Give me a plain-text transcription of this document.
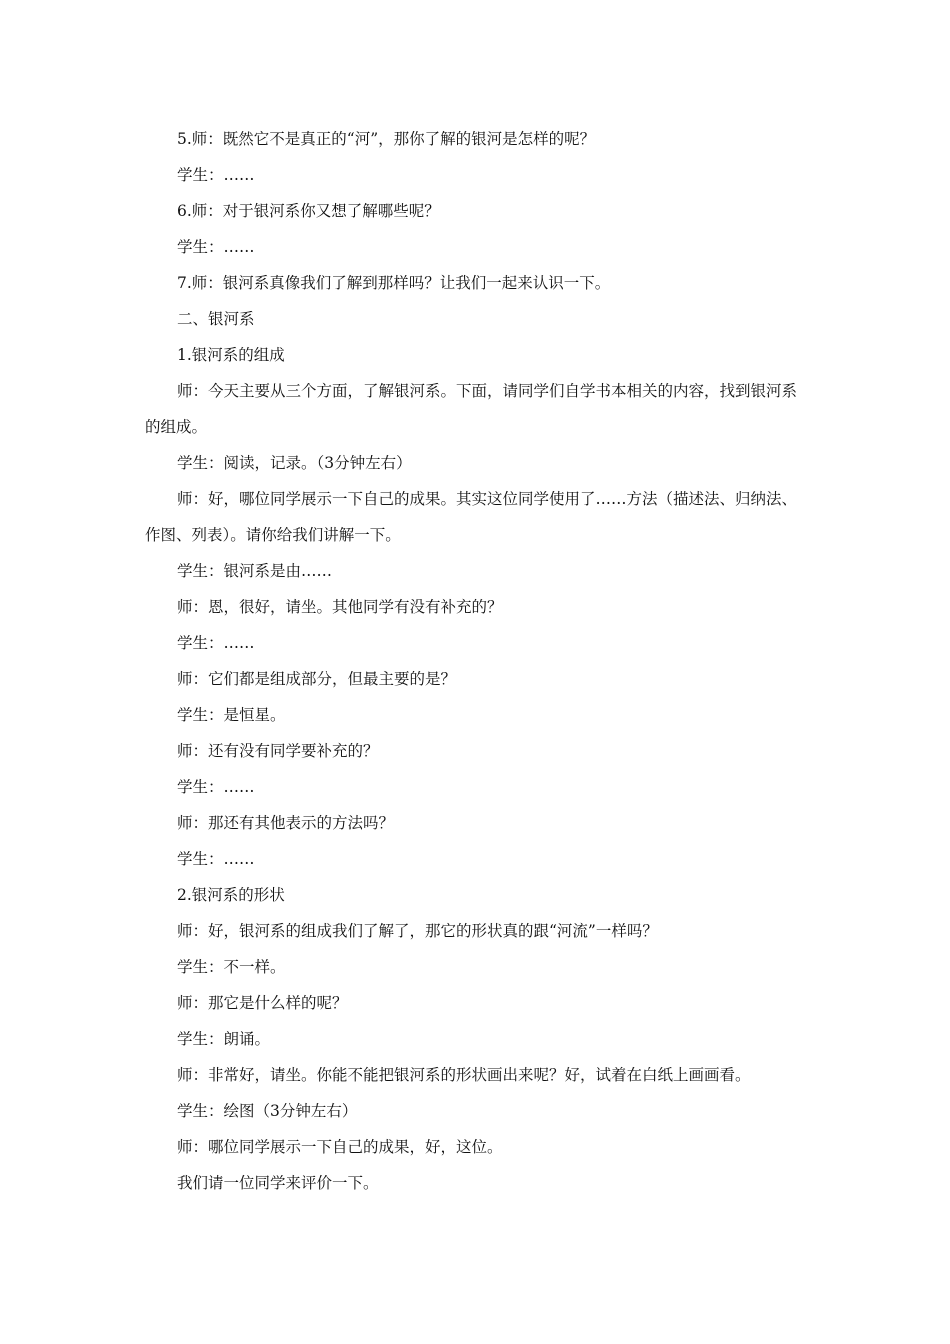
5.师：既然它不是真正的“河”，那你了解的银河是怎样的呢？

学生：……

6.师：对于银河系你又想了解哪些呢？

学生：……

7.师：银河系真像我们了解到那样吗？让我们一起来认识一下。

二、银河系

1.银河系的组成

师：今天主要从三个方面，了解银河系。下面，请同学们自学书本相关的内容，找到银河系的组成。

学生：阅读，记录。（3分钟左右）

师：好，哪位同学展示一下自己的成果。其实这位同学使用了……方法（描述法、归纳法、作图、列表）。请你给我们讲解一下。

学生：银河系是由……

师：恩，很好，请坐。其他同学有没有补充的？

学生：……

师：它们都是组成部分，但最主要的是？

学生：是恒星。

师：还有没有同学要补充的？

学生：……

师：那还有其他表示的方法吗？

学生：……

2.银河系的形状

师：好，银河系的组成我们了解了，那它的形状真的跟“河流”一样吗？

学生：不一样。

师：那它是什么样的呢？

学生：朗诵。

师：非常好，请坐。你能不能把银河系的形状画出来呢？好，试着在白纸上画画看。

学生：绘图（3分钟左右）

师：哪位同学展示一下自己的成果，好，这位。

我们请一位同学来评价一下。
